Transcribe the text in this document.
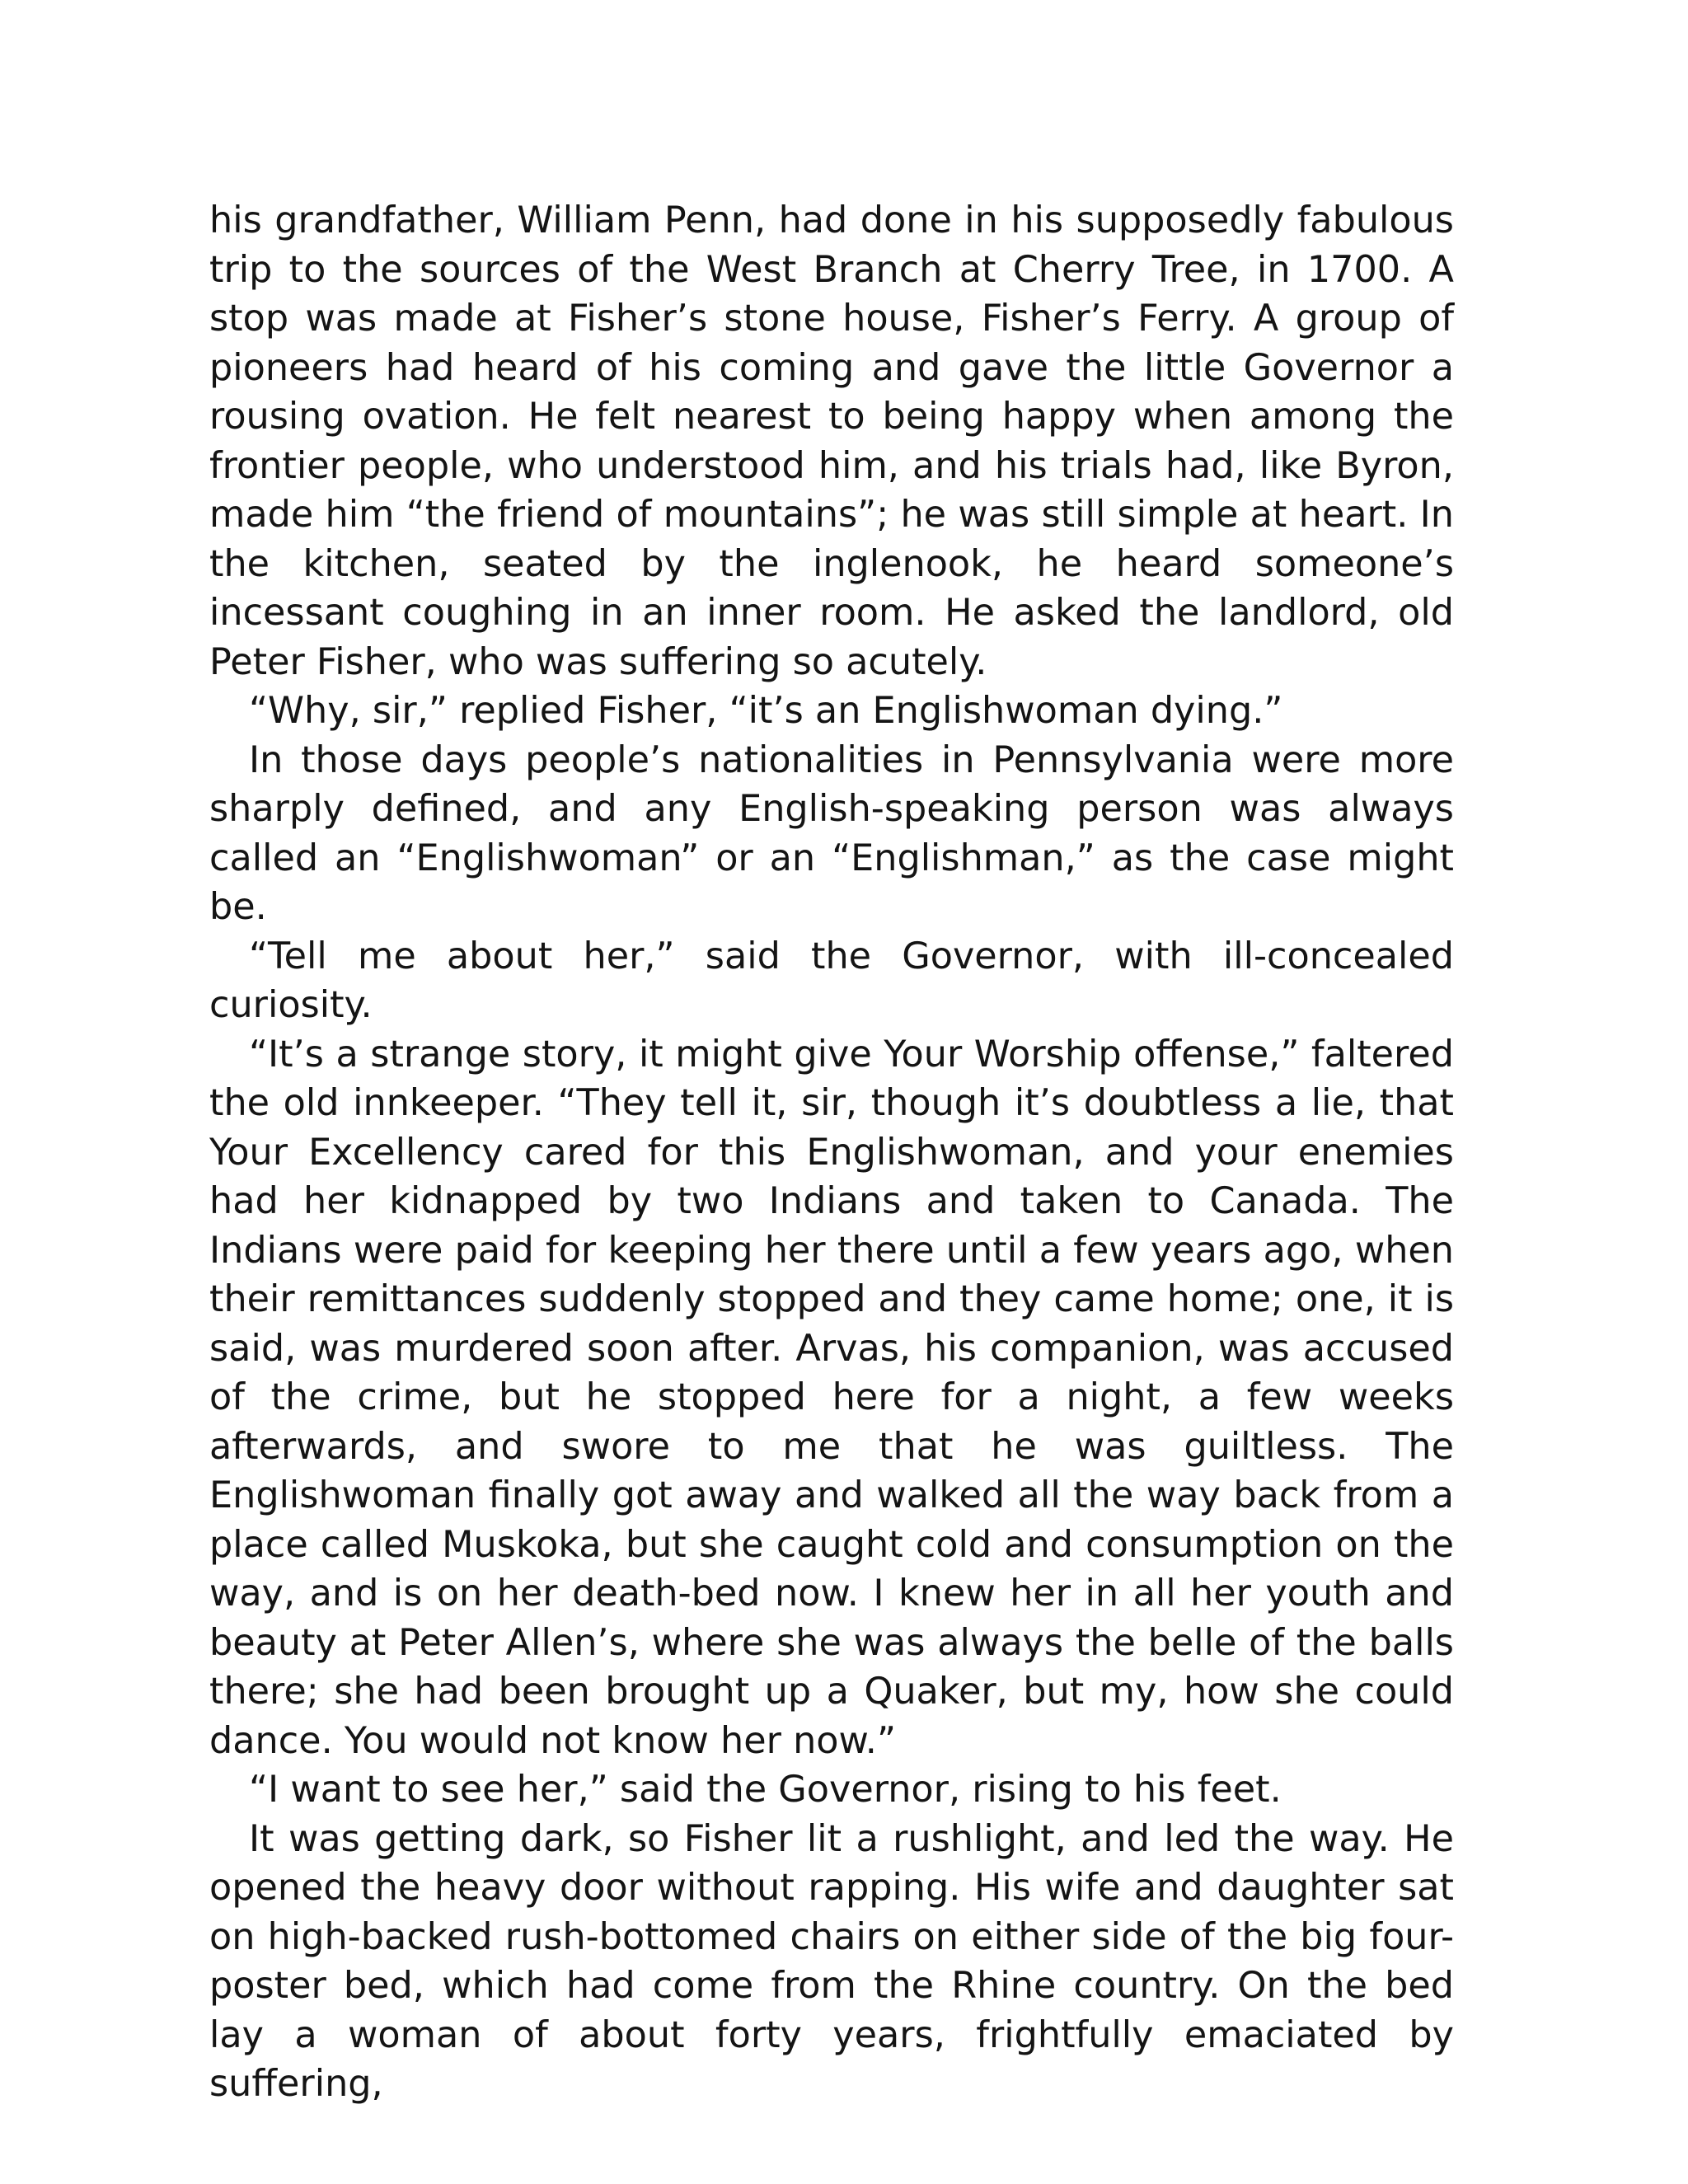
his grandfather, William Penn, had done in his supposedly fabulous trip to the sources of the West Branch at Cherry Tree, in 1700. A stop was made at Fisher’s stone house, Fisher’s Ferry. A group of pioneers had heard of his coming and gave the little Governor a rousing ovation. He felt nearest to being happy when among the frontier people, who understood him, and his trials had, like Byron, made him “the friend of mountains”; he was still simple at heart. In the kitchen, seated by the inglenook, he heard someone’s incessant coughing in an inner room. He asked the landlord, old Peter Fisher, who was suffering so acutely.

“Why, sir,” replied Fisher, “it’s an Englishwoman dying.”

In those days people’s nationalities in Pennsylvania were more sharply defined, and any English-speaking person was always called an “Englishwoman” or an “Englishman,” as the case might be.

“Tell me about her,” said the Governor, with ill-concealed curiosity.

“It’s a strange story, it might give Your Worship offense,” faltered the old innkeeper. “They tell it, sir, though it’s doubtless a lie, that Your Excellency cared for this Englishwoman, and your enemies had her kidnapped by two Indians and taken to Canada. The Indians were paid for keeping her there until a few years ago, when their remittances suddenly stopped and they came home; one, it is said, was murdered soon after. Arvas, his companion, was accused of the crime, but he stopped here for a night, a few weeks afterwards, and swore to me that he was guiltless. The Englishwoman finally got away and walked all the way back from a place called Muskoka, but she caught cold and consumption on the way, and is on her death-bed now. I knew her in all her youth and beauty at Peter Allen’s, where she was always the belle of the balls there; she had been brought up a Quaker, but my, how she could dance. You would not know her now.”

“I want to see her,” said the Governor, rising to his feet.

It was getting dark, so Fisher lit a rushlight, and led the way. He opened the heavy door without rapping. His wife and daughter sat on high-backed rush-bottomed chairs on either side of the big four-poster bed, which had come from the Rhine country. On the bed lay a woman of about forty years, frightfully emaciated by suffering,
